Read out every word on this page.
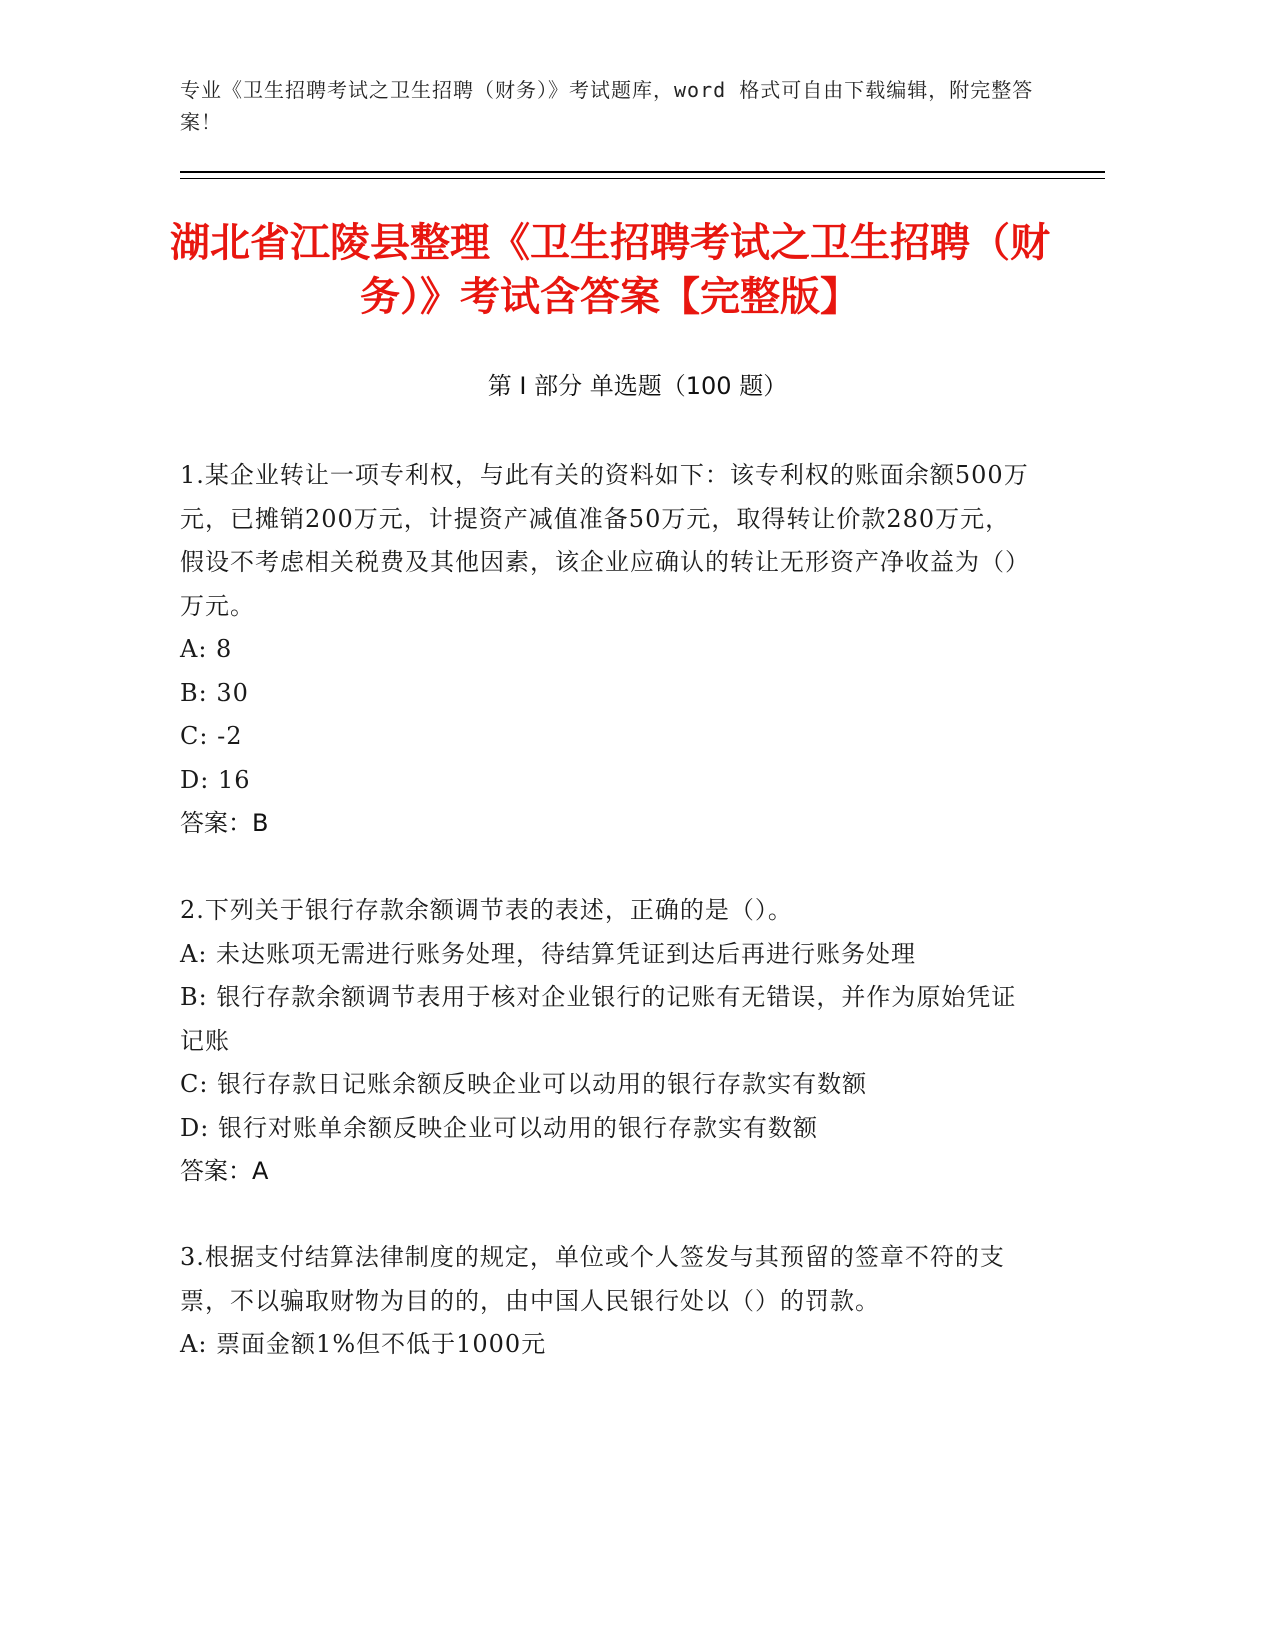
专业《卫生招聘考试之卫生招聘（财务）》考试题库，word 格式可自由下载编辑，附完整答案！
湖北省江陵县整理《卫生招聘考试之卫生招聘（财务）》考试含答案【完整版】
第 I 部分 单选题（100 题）

1.某企业转让一项专利权，与此有关的资料如下：该专利权的账面余额500万元，已摊销200万元，计提资产减值准备50万元，取得转让价款280万元，假设不考虑相关税费及其他因素，该企业应确认的转让无形资产净收益为（）万元。

A: 8

B: 30

C: -2

D: 16

答案：B

2.下列关于银行存款余额调节表的表述，正确的是（）。

A: 未达账项无需进行账务处理，待结算凭证到达后再进行账务处理

B: 银行存款余额调节表用于核对企业银行的记账有无错误，并作为原始凭证记账

C: 银行存款日记账余额反映企业可以动用的银行存款实有数额

D: 银行对账单余额反映企业可以动用的银行存款实有数额

答案：A

3.根据支付结算法律制度的规定，单位或个人签发与其预留的签章不符的支票，不以骗取财物为目的的，由中国人民银行处以（）的罚款。

A: 票面金额1%但不低于1000元
